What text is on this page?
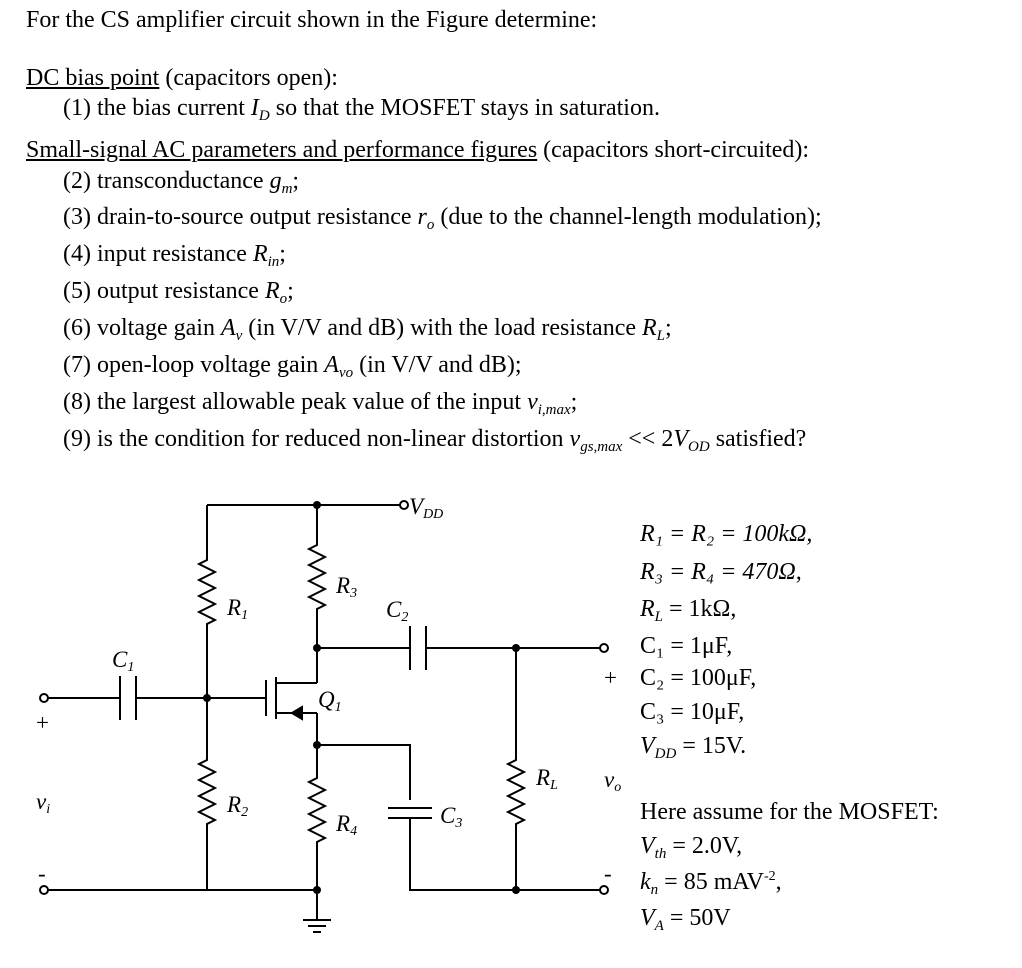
For the CS amplifier circuit shown in the Figure determine:
DC bias point (capacitors open):
(1) the bias current $I_D$ so that the MOSFET stays in saturation.
Small-signal AC parameters and performance figures (capacitors short-circuited):
(2) transconductance $g_m$;
(3) drain-to-source output resistance $r_o$ (due to the channel-length modulation);
(4) input resistance $R_{in}$;
(5) output resistance $R_o$;
(6) voltage gain $A_v$ (in V/V and dB) with the load resistance $R_L$;
(7) open-loop voltage gain $A_{vo}$ (in V/V and dB);
(8) the largest allowable peak value of the input $v_{i,max}$;
(9) is the condition for reduced non-linear distortion $v_{gs,max} << 2V_{OD}$ satisfied?
$V_{DD}$
$R_1$
$R_2$
$R_3$
$R_4$
$C_1$
$C_2$
$C_3$
$Q_1$
$R_L$
$v_i$
$v_o$
+
+
-	-
R₁ = R₂ = 100kΩ,
R₃ = R₄ = 470Ω,
$R_L = 1k\Omega$,
C₁ = 1μF,
C₂ = 100μF,
C₃ = 10μF,
$V_{DD} = 15V$.
Here assume for the MOSFET:
$V_{th} = 2.0V$,
$k_n = 85$ mAV$^{-2}$,
$V_A = 50V$
